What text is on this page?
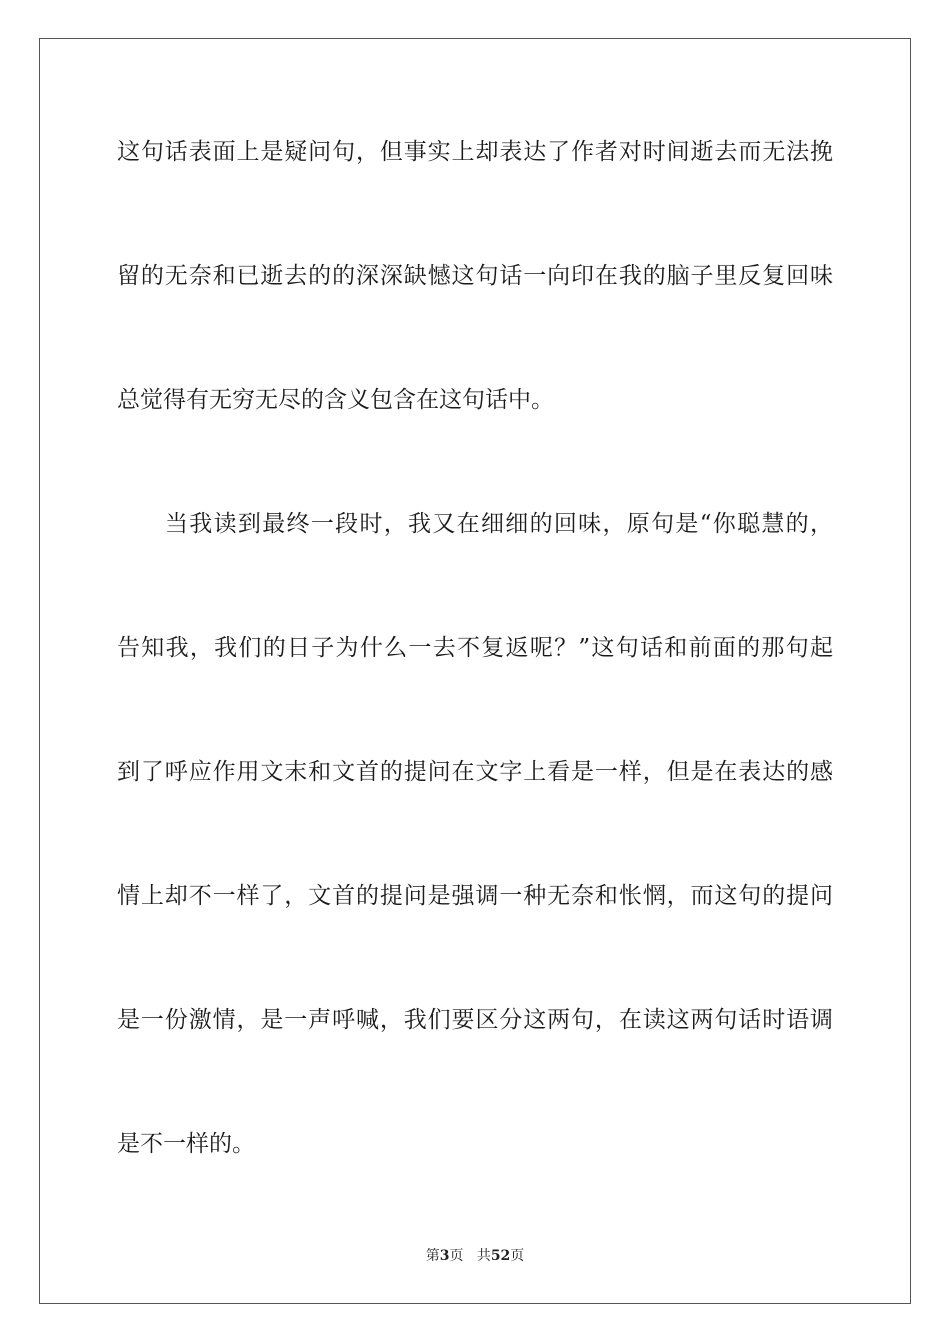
这句话表面上是疑问句，但事实上却表达了作者对时间逝去而无法挽
留的无奈和已逝去的的深深缺憾这句话一向印在我的脑子里反复回味
总觉得有无穷无尽的含义包含在这句话中。
当我读到最终一段时，我又在细细的回味，原句是“你聪慧的，
告知我，我们的日子为什么一去不复返呢？”这句话和前面的那句起
到了呼应作用文末和文首的提问在文字上看是一样，但是在表达的感
情上却不一样了，文首的提问是强调一种无奈和怅惘，而这句的提问
是一份激情，是一声呼喊，我们要区分这两句，在读这两句话时语调
是不一样的。
第3页 共52页
